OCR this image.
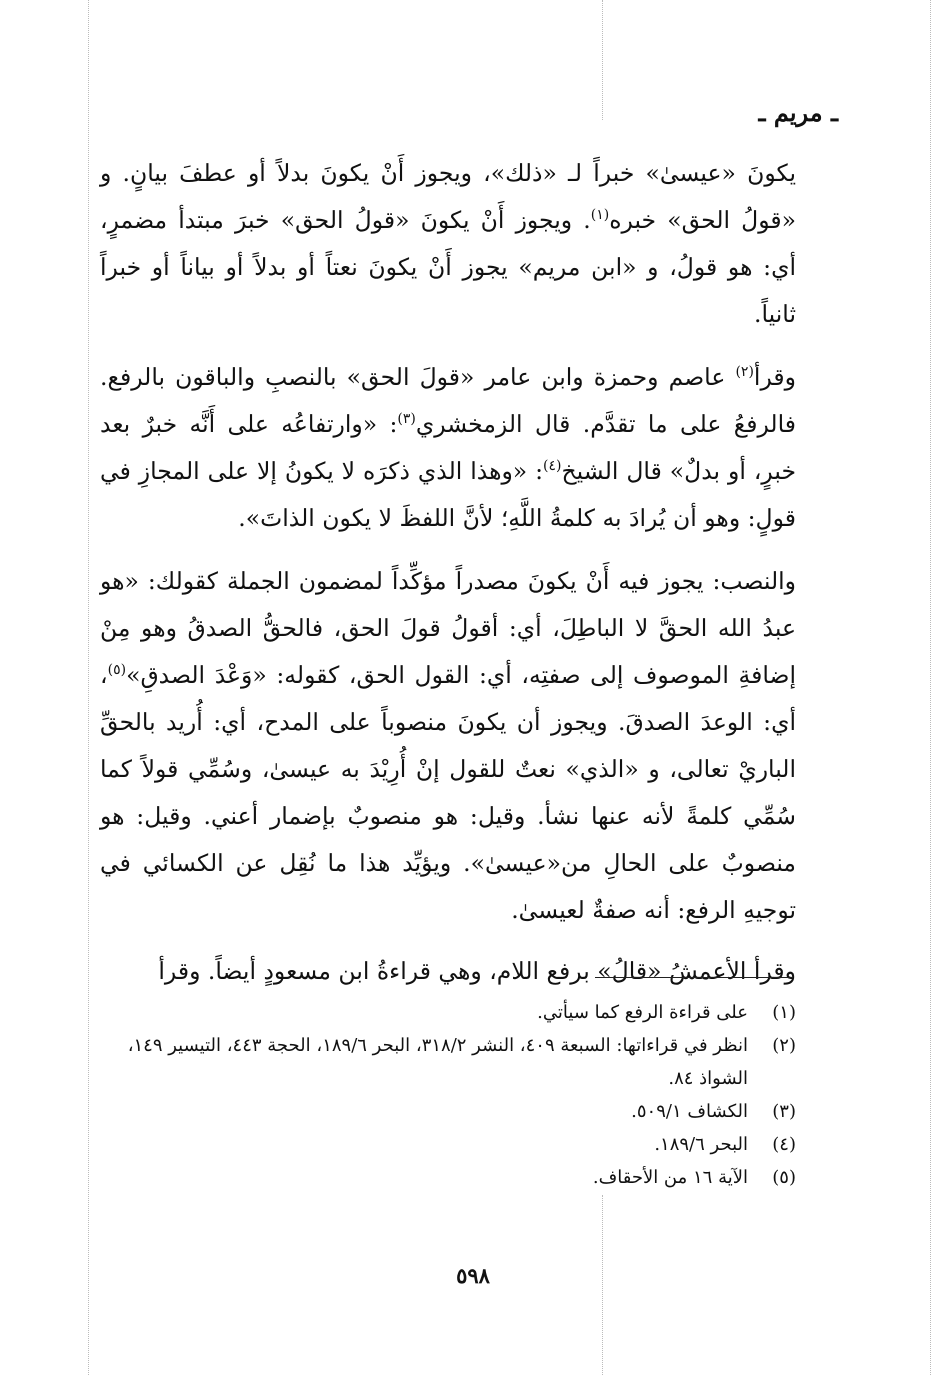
ـ مريم ـ

يكونَ «عيسىٰ» خبراً لـ «ذلك»، ويجوز أَنْ يكونَ بدلاً أو عطفَ بيانٍ. و «قولُ الحق» خبره$^{(١)}$. ويجوز أَنْ يكونَ «قولُ الحق» خبرَ مبتدأ مضمرٍ، أي: هو قولُ، و «ابن مريم» يجوز أَنْ يكونَ نعتاً أو بدلاً أو بياناً أو خبراً ثانياً.

وقرأ$^{(٢)}$ عاصم وحمزة وابن عامر «قولَ الحق» بالنصبِ والباقون بالرفع. فالرفعُ على ما تقدَّم. قال الزمخشري$^{(٣)}$: «وارتفاعُه على أَنَّه خبرٌ بعد خبرٍ، أو بدلٌ» قال الشيخ$^{(٤)}$: «وهذا الذي ذكرَه لا يكونُ إلا على المجازِ في قولٍ: وهو أن يُرادَ به كلمةُ اللَّهِ؛ لأنَّ اللفظَ لا يكون الذاتَ».

والنصب: يجوز فيه أَنْ يكونَ مصدراً مؤكِّداً لمضمون الجملة كقولك: «هو عبدُ الله الحقَّ لا الباطِلَ، أي: أقولُ قولَ الحق، فالحقُّ الصدقُ وهو مِنْ إضافةِ الموصوف إلى صفتِه، أي: القول الحق، كقوله: «وَعْدَ الصدقِ»$^{(٥)}$، أي: الوعدَ الصدقَ. ويجوز أن يكونَ منصوباً على المدح، أي: أُريد بالحقِّ الباريْ تعالى، و «الذي» نعتٌ للقول إنْ أُرِيْدَ به عيسىٰ، وسُمِّي قولاً كما سُمِّي كلمةً لأنه عنها نشأ. وقيل: هو منصوبٌ بإضمار أعني. وقيل: هو منصوبٌ على الحالِ من«عيسىٰ». ويؤيِّد هذا ما نُقِل عن الكسائي في توجيهِ الرفع: أنه صفةٌ لعيسىٰ.

وقرأ الأعمشُ «قالُ» برفع اللام، وهي قراءةُ ابن مسعودٍ أيضاً. وقرأ

(١)
على قراءة الرفع كما سيأتي.
(٢)
انظر في قراءاتها: السبعة ٤٠٩، النشر ٣١٨/٢، البحر ١٨٩/٦، الحجة ٤٤٣، التيسير ١٤٩، الشواذ ٨٤.
(٣)
الكشاف ٥٠٩/١.
(٤)
البحر ١٨٩/٦.
(٥)
الآية ١٦ من الأحقاف.
٥٩٨
